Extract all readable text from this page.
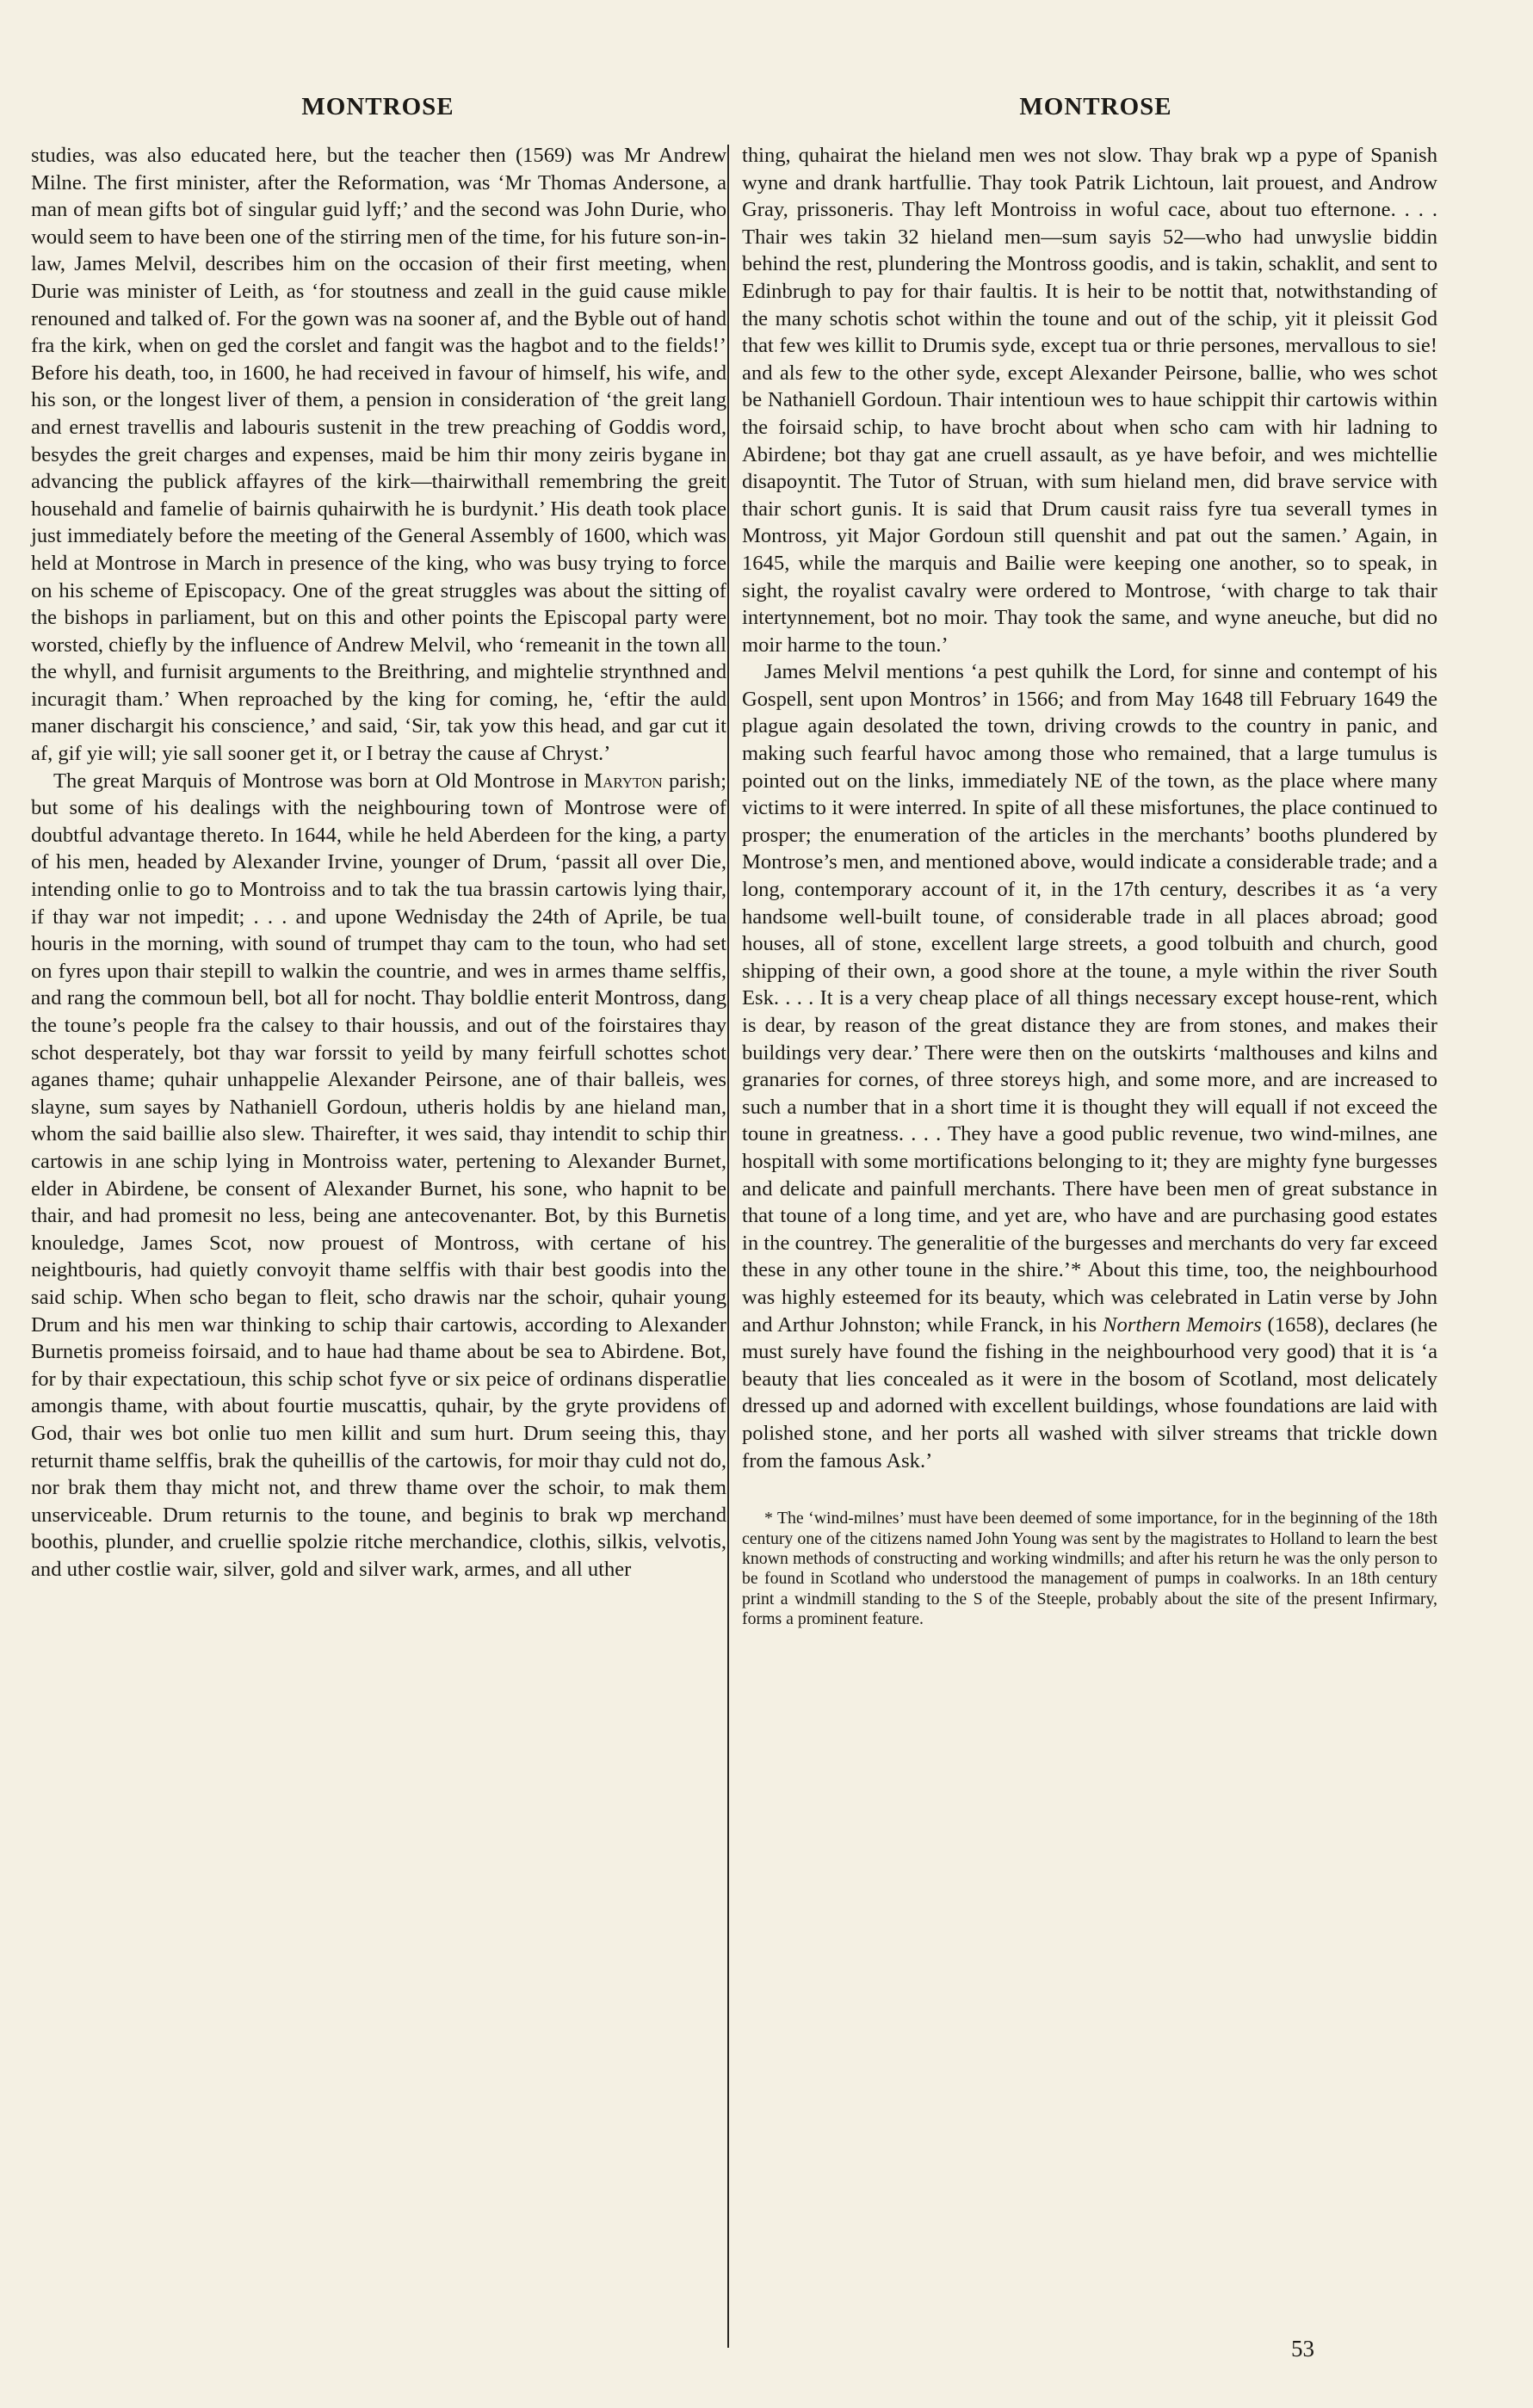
MONTROSE	MONTROSE

studies, was also educated here, but the teacher then (1569) was Mr Andrew Milne. The first minister, after the Reformation, was ‘Mr Thomas Andersone, a man of mean gifts bot of singular guid lyff;’ and the second was John Durie, who would seem to have been one of the stirring men of the time, for his future son-in-law, James Melvil, describes him on the occasion of their first meeting, when Durie was minister of Leith, as ‘for stoutness and zeall in the guid cause mikle renouned and talked of. For the gown was na sooner af, and the Byble out of hand fra the kirk, when on ged the corslet and fangit was the hagbot and to the fields!’ Before his death, too, in 1600, he had received in favour of himself, his wife, and his son, or the longest liver of them, a pension in consideration of ‘the greit lang and ernest travellis and labouris sustenit in the trew preaching of Goddis word, besydes the greit charges and expenses, maid be him thir mony zeiris bygane in advancing the publick affayres of the kirk—thairwithall remembring the greit househald and famelie of bairnis quhairwith he is burdynit.’ His death took place just immediately before the meeting of the General Assembly of 1600, which was held at Montrose in March in presence of the king, who was busy trying to force on his scheme of Episcopacy. One of the great struggles was about the sitting of the bishops in parliament, but on this and other points the Episcopal party were worsted, chiefly by the influence of Andrew Melvil, who ‘remeanit in the town all the whyll, and furnisit arguments to the Breithring, and mightelie strynthned and incuragit tham.’ When reproached by the king for coming, he, ‘eftir the auld maner dischargit his conscience,’ and said, ‘Sir, tak yow this head, and gar cut it af, gif yie will; yie sall sooner get it, or I betray the cause af Chryst.’

The great Marquis of Montrose was born at Old Montrose in Maryton parish; but some of his dealings with the neighbouring town of Montrose were of doubtful advantage thereto. In 1644, while he held Aberdeen for the king, a party of his men, headed by Alexander Irvine, younger of Drum, ‘passit all over Die, intending onlie to go to Montroiss and to tak the tua brassin cartowis lying thair, if thay war not impedit; . . . and upone Wednisday the 24th of Aprile, be tua houris in the morning, with sound of trumpet thay cam to the toun, who had set on fyres upon thair stepill to walkin the countrie, and wes in armes thame selffis, and rang the commoun bell, bot all for nocht. Thay boldlie enterit Montross, dang the toune’s people fra the calsey to thair houssis, and out of the foirstaires thay schot desperately, bot thay war forssit to yeild by many feirfull schottes schot aganes thame; quhair unhappelie Alexander Peirsone, ane of thair balleis, wes slayne, sum sayes by Nathaniell Gordoun, utheris holdis by ane hieland man, whom the said baillie also slew. Thairefter, it wes said, thay intendit to schip thir cartowis in ane schip lying in Montroiss water, pertening to Alexander Burnet, elder in Abirdene, be consent of Alexander Burnet, his sone, who hapnit to be thair, and had promesit no less, being ane antecovenanter. Bot, by this Burnetis knouledge, James Scot, now prouest of Montross, with certane of his neightbouris, had quietly convoyit thame selffis with thair best goodis into the said schip. When scho began to fleit, scho drawis nar the schoir, quhair young Drum and his men war thinking to schip thair cartowis, according to Alexander Burnetis promeiss foirsaid, and to haue had thame about be sea to Abirdene. Bot, for by thair expectatioun, this schip schot fyve or six peice of ordinans disperatlie amongis thame, with about fourtie muscattis, quhair, by the gryte providens of God, thair wes bot onlie tuo men killit and sum hurt. Drum seeing this, thay returnit thame selffis, brak the quheillis of the cartowis, for moir thay culd not do, nor brak them thay micht not, and threw thame over the schoir, to mak them unserviceable. Drum returnis to the toune, and beginis to brak wp merchand boothis, plunder, and cruellie spolzie ritche merchandice, clothis, silkis, velvotis, and uther costlie wair, silver, gold and silver wark, armes, and all uther

thing, quhairat the hieland men wes not slow. Thay brak wp a pype of Spanish wyne and drank hartfullie. Thay took Patrik Lichtoun, lait prouest, and Androw Gray, prissoneris. Thay left Montroiss in woful cace, about tuo efternone. . . . Thair wes takin 32 hieland men—sum sayis 52—who had unwyslie biddin behind the rest, plundering the Montross goodis, and is takin, schaklit, and sent to Edinbrugh to pay for thair faultis. It is heir to be nottit that, notwithstanding of the many schotis schot within the toune and out of the schip, yit it pleissit God that few wes killit to Drumis syde, except tua or thrie persones, mervallous to sie! and als few to the other syde, except Alexander Peirsone, ballie, who wes schot be Nathaniell Gordoun. Thair intentioun wes to haue schippit thir cartowis within the foirsaid schip, to have brocht about when scho cam with hir ladning to Abirdene; bot thay gat ane cruell assault, as ye have befoir, and wes michtellie disapoyntit. The Tutor of Struan, with sum hieland men, did brave service with thair schort gunis. It is said that Drum causit raiss fyre tua severall tymes in Montross, yit Major Gordoun still quenshit and pat out the samen.’ Again, in 1645, while the marquis and Bailie were keeping one another, so to speak, in sight, the royalist cavalry were ordered to Montrose, ‘with charge to tak thair intertynnement, bot no moir. Thay took the same, and wyne aneuche, but did no moir harme to the toun.’

James Melvil mentions ‘a pest quhilk the Lord, for sinne and contempt of his Gospell, sent upon Montros’ in 1566; and from May 1648 till February 1649 the plague again desolated the town, driving crowds to the country in panic, and making such fearful havoc among those who remained, that a large tumulus is pointed out on the links, immediately NE of the town, as the place where many victims to it were interred. In spite of all these misfortunes, the place continued to prosper; the enumeration of the articles in the merchants’ booths plundered by Montrose’s men, and mentioned above, would indicate a considerable trade; and a long, contemporary account of it, in the 17th century, describes it as ‘a very handsome well-built toune, of considerable trade in all places abroad; good houses, all of stone, excellent large streets, a good tolbuith and church, good shipping of their own, a good shore at the toune, a myle within the river South Esk. . . . It is a very cheap place of all things necessary except house-rent, which is dear, by reason of the great distance they are from stones, and makes their buildings very dear.’ There were then on the outskirts ‘malthouses and kilns and granaries for cornes, of three storeys high, and some more, and are increased to such a number that in a short time it is thought they will equall if not exceed the toune in greatness. . . . They have a good public revenue, two wind-milnes, ane hospitall with some mortifications belonging to it; they are mighty fyne burgesses and delicate and painfull merchants. There have been men of great substance in that toune of a long time, and yet are, who have and are purchasing good estates in the countrey. The generalitie of the burgesses and merchants do very far exceed these in any other toune in the shire.’* About this time, too, the neighbourhood was highly esteemed for its beauty, which was celebrated in Latin verse by John and Arthur Johnston; while Franck, in his Northern Memoirs (1658), declares (he must surely have found the fishing in the neighbourhood very good) that it is ‘a beauty that lies concealed as it were in the bosom of Scotland, most delicately dressed up and adorned with excellent buildings, whose foundations are laid with polished stone, and her ports all washed with silver streams that trickle down from the famous Ask.’

* The ‘wind-milnes’ must have been deemed of some importance, for in the beginning of the 18th century one of the citizens named John Young was sent by the magistrates to Holland to learn the best known methods of constructing and working windmills; and after his return he was the only person to be found in Scotland who understood the management of pumps in coalworks. In an 18th century print a windmill standing to the S of the Steeple, probably about the site of the present Infirmary, forms a prominent feature.

53
